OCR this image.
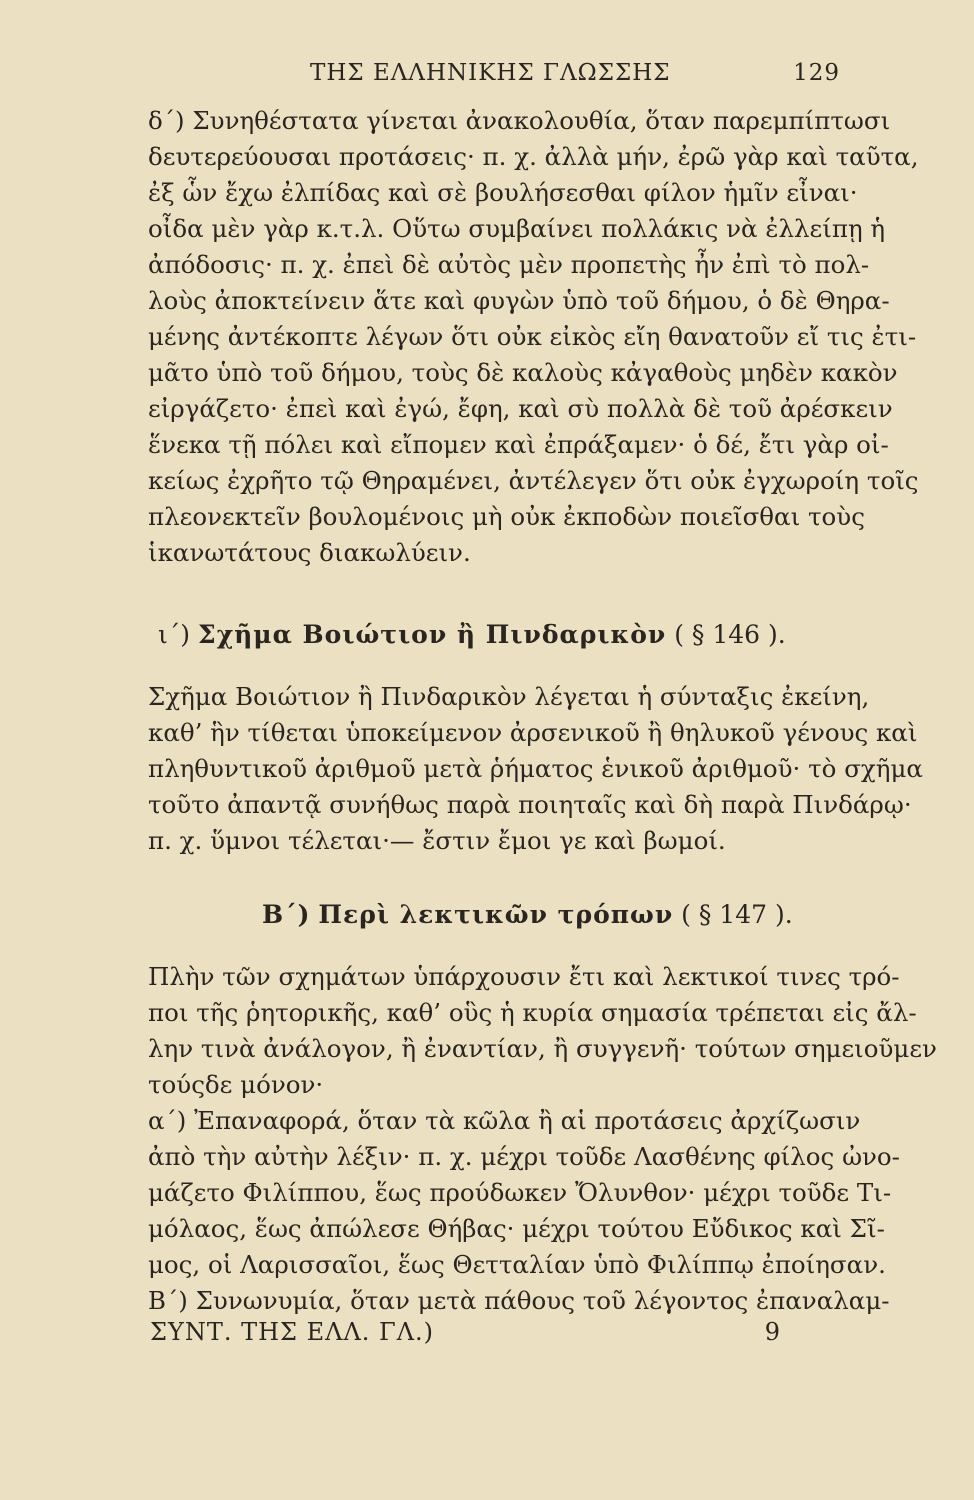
ΤΗΣ ΕΛΛΗΝΙΚΗΣ ΓΛΩΣΣΗΣ	129
δ΄) Συνηθέστατα γίνεται ἀνακολουθία, ὅταν παρεμπίπτωσι
δευτερεύουσαι προτάσεις· π. χ. ἀλλὰ μήν, ἐρῶ γὰρ καὶ ταῦτα,
ἐξ ὧν ἔχω ἐλπίδας καὶ σὲ βουλήσεσθαι φίλον ἡμῖν εἶναι·
οἶδα μὲν γὰρ κ.τ.λ. Οὕτω συμβαίνει πολλάκις νὰ ἐλλείπῃ ἡ
ἀπόδοσις· π. χ. ἐπεὶ δὲ αὐτὸς μὲν προπετὴς ἦν ἐπὶ τὸ πολ-
λοὺς ἀποκτείνειν ἅτε καὶ φυγὼν ὑπὸ τοῦ δήμου, ὁ δὲ Θηρα-
μένης ἀντέκοπτε λέγων ὅτι οὐκ εἰκὸς εἴη θανατοῦν εἴ τις ἐτι-
μᾶτο ὑπὸ τοῦ δήμου, τοὺς δὲ καλοὺς κἀγαθοὺς μηδὲν κακὸν
εἰργάζετο· ἐπεὶ καὶ ἐγώ, ἔφη, καὶ σὺ πολλὰ δὲ τοῦ ἀρέσκειν
ἕνεκα τῇ πόλει καὶ εἴπομεν καὶ ἐπράξαμεν· ὁ δέ, ἔτι γὰρ οἰ-
κείως ἐχρῆτο τῷ Θηραμένει, ἀντέλεγεν ὅτι οὐκ ἐγχωροίη τοῖς
πλεονεκτεῖν βουλομένοις μὴ οὐκ ἐκποδὼν ποιεῖσθαι τοὺς
ἱκανωτάτους διακωλύειν.
ι΄) Σχῆμα Βοιώτιον ἢ Πινδαρικὸν ( § 146 ).
Σχῆμα Βοιώτιον ἢ Πινδαρικὸν λέγεται ἡ σύνταξις ἐκείνη,
καθ’ ἣν τίθεται ὑποκείμενον ἀρσενικοῦ ἢ θηλυκοῦ γένους καὶ
πληθυντικοῦ ἀριθμοῦ μετὰ ῥήματος ἑνικοῦ ἀριθμοῦ· τὸ σχῆμα
τοῦτο ἀπαντᾷ συνήθως παρὰ ποιηταῖς καὶ δὴ παρὰ Πινδάρῳ·
π. χ. ὕμνοι τέλεται·— ἔστιν ἔμοι γε καὶ βωμοί.
Β΄) Περὶ λεκτικῶν τρόπων ( § 147 ).
Πλὴν τῶν σχημάτων ὑπάρχουσιν ἔτι καὶ λεκτικοί τινες τρό-
ποι τῆς ῥητορικῆς, καθ’ οὓς ἡ κυρία σημασία τρέπεται εἰς ἄλ-
λην τινὰ ἀνάλογον, ἢ ἐναντίαν, ἢ συγγενῆ· τούτων σημειοῦμεν
τούςδε μόνον·
α΄) Ἐπαναφορά, ὅταν τὰ κῶλα ἢ αἱ προτάσεις ἀρχίζωσιν
ἀπὸ τὴν αὐτὴν λέξιν· π. χ. μέχρι τοῦδε Λασθένης φίλος ὠνο-
μάζετο Φιλίππου, ἕως προύδωκεν Ὄλυνθον· μέχρι τοῦδε Τι-
μόλαος, ἕως ἀπώλεσε Θήβας· μέχρι τούτου Εὔδικος καὶ Σῖ-
μος, οἱ Λαρισσαῖοι, ἕως Θετταλίαν ὑπὸ Φιλίππῳ ἐποίησαν.
Β΄) Συνωνυμία, ὅταν μετὰ πάθους τοῦ λέγοντος ἐπαναλαμ-
ΣΥΝΤ. ΤΗΣ ΕΛΛ. ΓΛ.)	9
